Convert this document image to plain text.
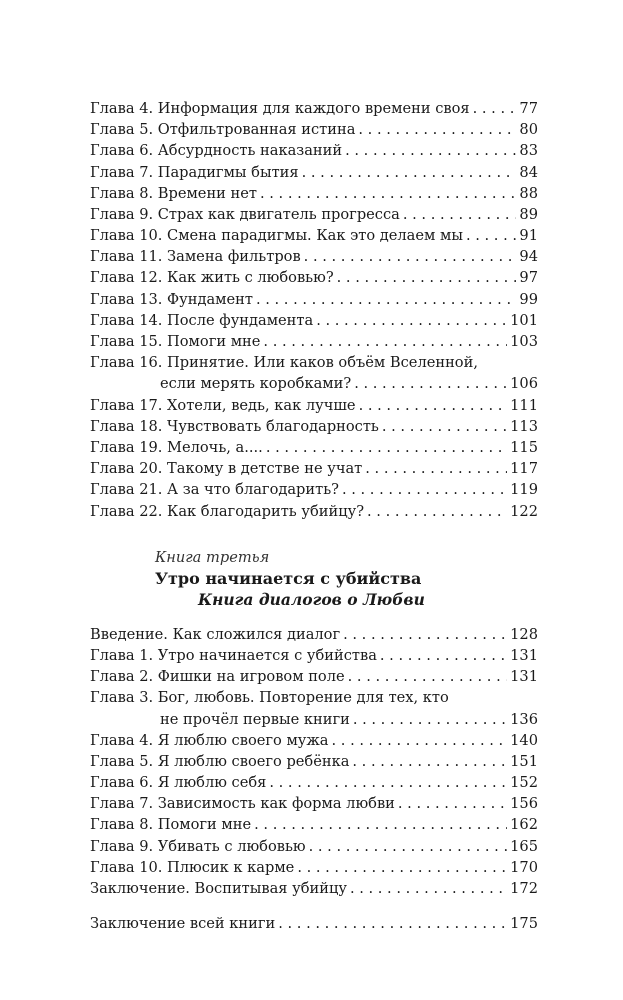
Глава 4. Информация для каждого времени своя . . .	77
Глава 5. Отфильтрованная истина . . .	80
Глава 6. Абсурдность наказаний . . .	83
Глава 7. Парадигмы бытия . . .	84
Глава 8. Времени нет . . .	88
Глава 9. Страх как двигатель прогресса . . .	89
Глава 10. Смена парадигмы. Как это делаем мы . . .	91
Глава 11. Замена фильтров . . .	94
Глава 12. Как жить с любовью? . . .	97
Глава 13. Фундамент . . .	99
Глава 14. После фундамента . . .	101
Глава 15. Помоги мне . . .	103
Глава 16. Принятие. Или каков объём Вселенной,
если мерять коробками? . . .	106
Глава 17. Хотели, ведь, как лучше . . .	111
Глава 18. Чувствовать благодарность . . .	113
Глава 19. Мелочь, а.... . . .	115
Глава 20. Такому в детстве не учат . . .	117
Глава 21. А за что благодарить? . . .	119
Глава 22. Как благодарить убийцу? . . .	122
Книга третья
Утро начинается с убийства
Книга диалогов о Любви
Введение. Как сложился диалог . . .	128
Глава 1. Утро начинается с убийства . . .	131
Глава 2. Фишки на игровом поле . . .	131
Глава 3. Бог, любовь. Повторение для тех, кто
не прочёл первые книги . . .	136
Глава 4. Я люблю своего мужа . . .	140
Глава 5. Я люблю своего ребёнка . . .	151
Глава 6. Я люблю себя . . .	152
Глава 7. Зависимость как форма любви . . .	156
Глава 8. Помоги мне . . .	162
Глава 9. Убивать с любовью . . .	165
Глава 10. Плюсик к карме . . .	170
Заключение. Воспитывая убийцу . . .	172
Заключение всей книги . . .	175
